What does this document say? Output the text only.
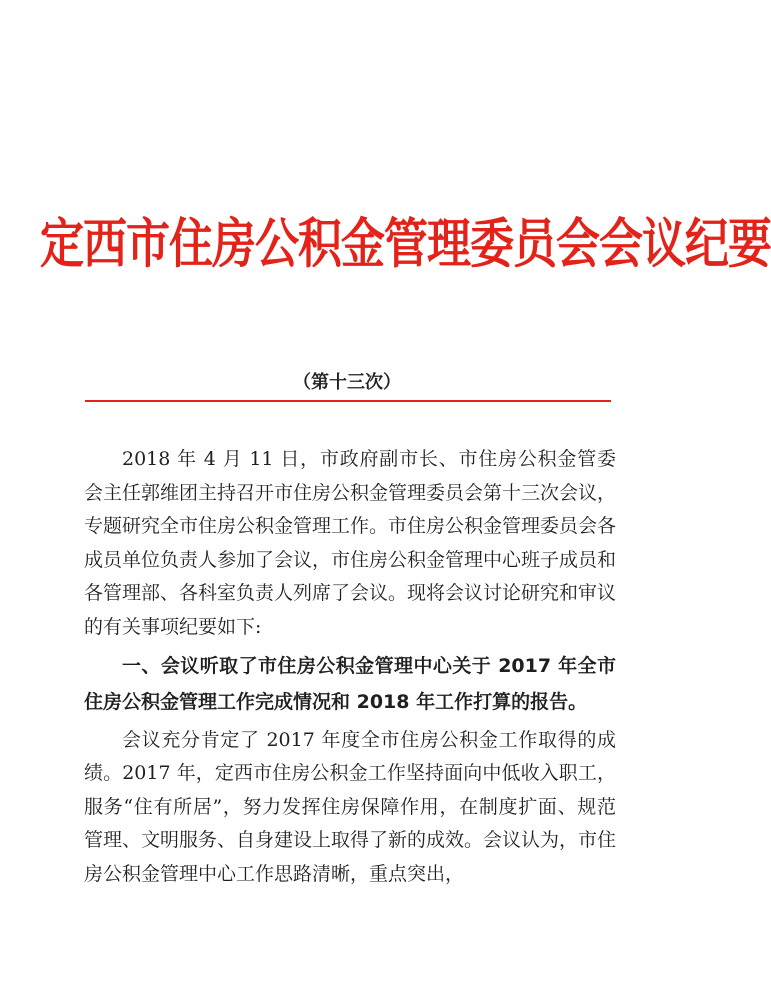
定西市住房公积金管理委员会会议纪要
（第十三次）

2018 年 4 月 11 日，市政府副市长、市住房公积金管委会主任郭维团主持召开市住房公积金管理委员会第十三次会议，专题研究全市住房公积金管理工作。市住房公积金管理委员会各成员单位负责人参加了会议，市住房公积金管理中心班子成员和各管理部、各科室负责人列席了会议。现将会议讨论研究和审议的有关事项纪要如下:

一、会议听取了市住房公积金管理中心关于 2017 年全市住房公积金管理工作完成情况和 2018 年工作打算的报告。

会议充分肯定了 2017 年度全市住房公积金工作取得的成绩。2017 年，定西市住房公积金工作坚持面向中低收入职工，服务“住有所居”，努力发挥住房保障作用，在制度扩面、规范管理、文明服务、自身建设上取得了新的成效。会议认为，市住房公积金管理中心工作思路清晰，重点突出，
